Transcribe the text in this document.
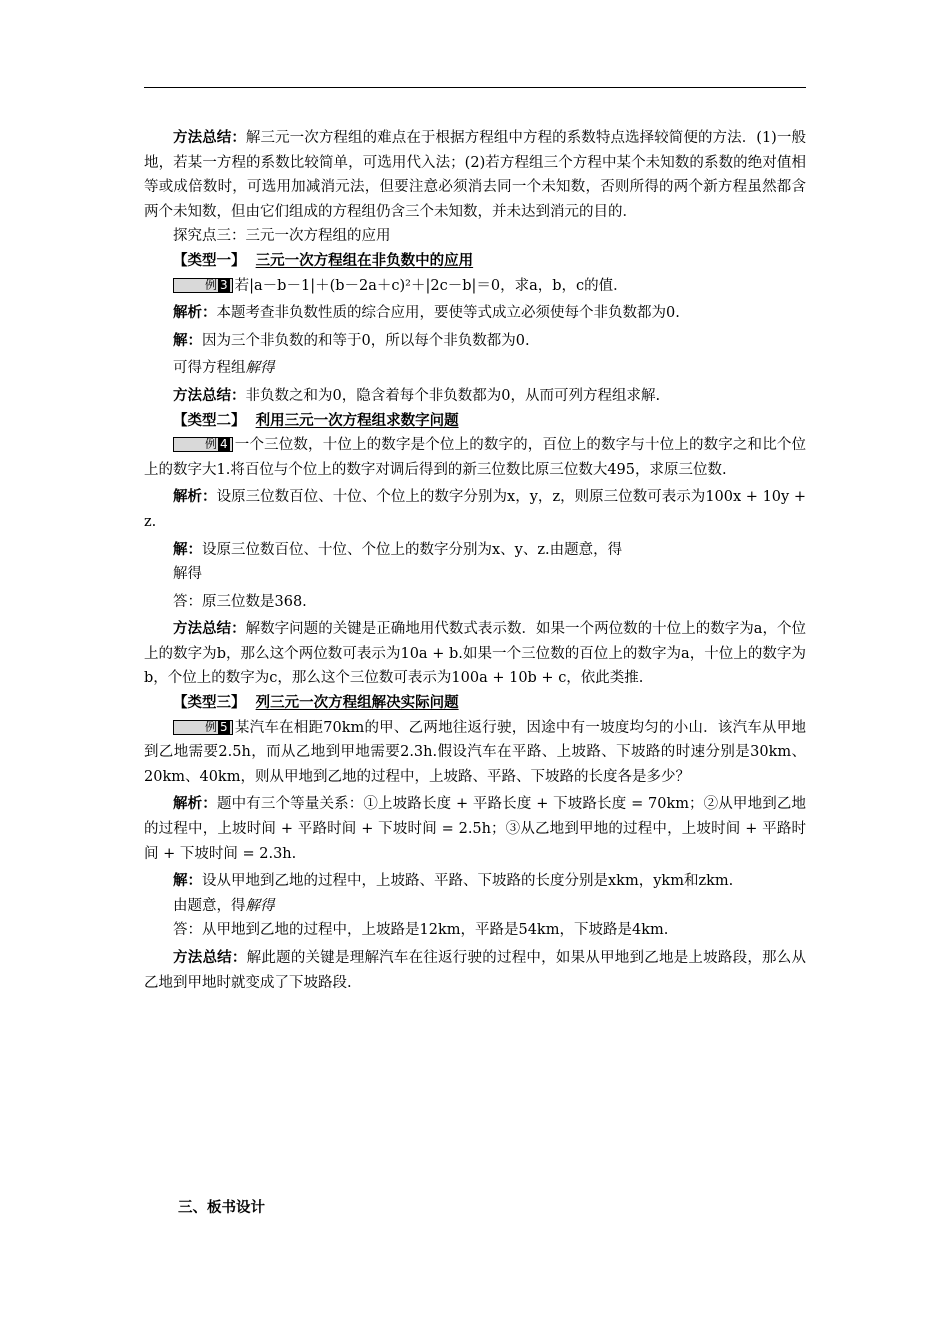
方法总结：解三元一次方程组的难点在于根据方程组中方程的系数特点选择较简便的方法．(1)一般地，若某一方程的系数比较简单，可选用代入法；(2)若方程组三个方程中某个未知数的系数的绝对值相等或成倍数时，可选用加减消元法，但要注意必须消去同一个未知数，否则所得的两个新方程虽然都含两个未知数，但由它们组成的方程组仍含三个未知数，并未达到消元的目的．

探究点三：三元一次方程组的应用

【类型一】 三元一次方程组在非负数中的应用

例 3 若|a－b－1|＋(b－2a＋c)²＋|2c－b|＝0，求a，b，c的值．

解析：本题考查非负数性质的综合应用，要使等式成立必须使每个非负数都为0.

解：因为三个非负数的和等于0，所以每个非负数都为0.

可得方程组解得

方法总结：非负数之和为0，隐含着每个非负数都为0，从而可列方程组求解.

【类型二】 利用三元一次方程组求数字问题

例 4 一个三位数，十位上的数字是个位上的数字的，百位上的数字与十位上的数字之和比个位上的数字大1.将百位与个位上的数字对调后得到的新三位数比原三位数大495，求原三位数.

解析：设原三位数百位、十位、个位上的数字分别为x，y，z，则原三位数可表示为100x + 10y + z.

解：设原三位数百位、十位、个位上的数字分别为x、y、z.由题意，得

解得

答：原三位数是368.

方法总结：解数字问题的关键是正确地用代数式表示数．如果一个两位数的十位上的数字为a，个位上的数字为b，那么这个两位数可表示为10a + b.如果一个三位数的百位上的数字为a，十位上的数字为b，个位上的数字为c，那么这个三位数可表示为100a + 10b + c，依此类推.

【类型三】 列三元一次方程组解决实际问题

例 5 某汽车在相距70km的甲、乙两地往返行驶，因途中有一坡度均匀的小山．该汽车从甲地到乙地需要2.5h，而从乙地到甲地需要2.3h.假设汽车在平路、上坡路、下坡路的时速分别是30km、20km、40km，则从甲地到乙地的过程中，上坡路、平路、下坡路的长度各是多少？

解析：题中有三个等量关系：①上坡路长度 + 平路长度 + 下坡路长度 = 70km；②从甲地到乙地的过程中，上坡时间 + 平路时间 + 下坡时间 = 2.5h；③从乙地到甲地的过程中，上坡时间 + 平路时间 + 下坡时间 = 2.3h.

解：设从甲地到乙地的过程中，上坡路、平路、下坡路的长度分别是xkm，ykm和zkm.

由题意，得解得

答：从甲地到乙地的过程中，上坡路是12km，平路是54km，下坡路是4km.

方法总结：解此题的关键是理解汽车在往返行驶的过程中，如果从甲地到乙地是上坡路段，那么从乙地到甲地时就变成了下坡路段.

三、板书设计
